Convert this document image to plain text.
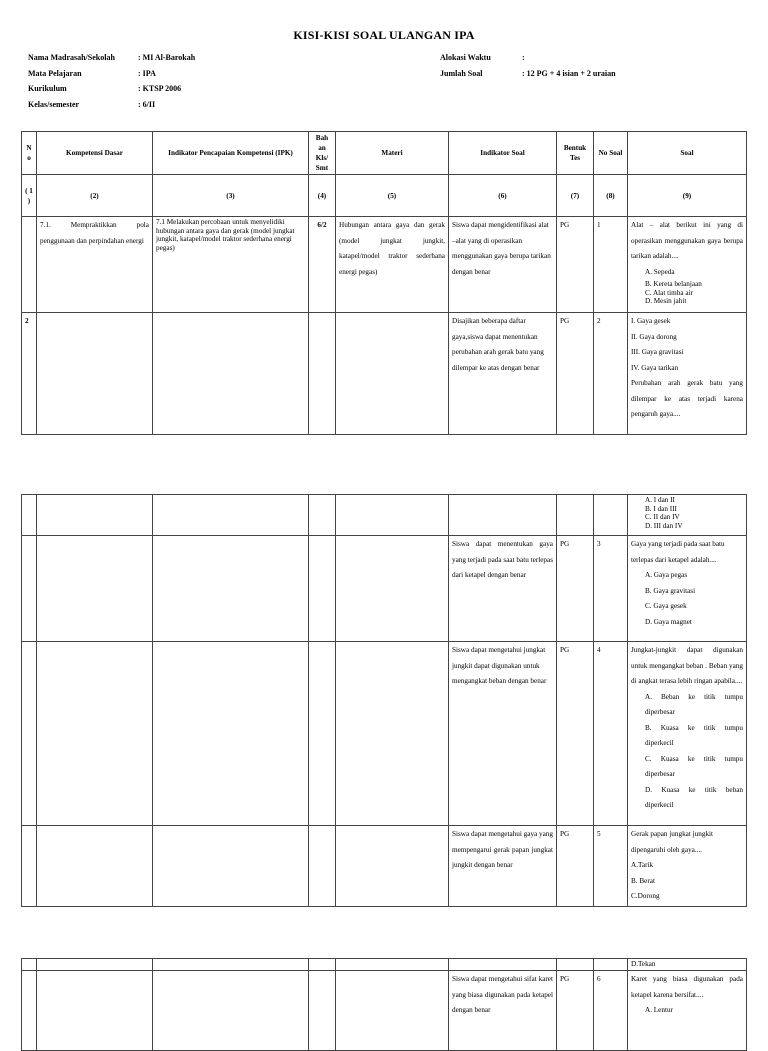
KISI-KISI SOAL ULANGAN IPA
Nama Madrasah/Sekolah	: MI Al-Barokah
Mata Pelajaran	: IPA
Kurikulum	: KTSP 2006
Kelas/semester	: 6/II
Alokasi Waktu	:
Jumlah Soal	: 12 PG + 4 isian + 2 uraian
N o	Kompetensi Dasar	Indikator Pencapaian Kompetensi (IPK)	Bah an Kls/ Smt	Materi	Indikator Soal	Bentuk Tes	No Soal	Soal
( 1 )	(2)	(3)	(4)	(5)	(6)	(7)	(8)	(9)
	7.1. Mempraktikkan pola penggunaan dan perpindahan energi	7.1 Melakukan percobaan untuk menyelidiki hubungan antara gaya dan gerak (model jungkat jungkit, katapel/model traktor sederhana energi pegas)	6/2	Hubungan antara gaya dan gerak (model jungkat jungkit, katapel/model traktor sederhana energi pegas)	Siswa dapat mengidentifikasi alat –alat yang di operasikan menggunakan gaya berupa tarikan dengan benar	PG	1	Alat – alat berikut ini yang di operasikan menggunakan gaya berupa tarikan adalah....
A. Sepeda
B. Kereta belanjaan
C. Alat timba air
D. Mesin jahit

2					Disajikan beberapa daftar gaya,siswa dapat menentukan perubahan arah gerak batu yang dilempar ke atas dengan benar	PG	2	I. Gaya gesek
II. Gaya dorong
III. Gaya gravitasi
IV. Gaya tarikan
Perubahan arah gerak batu yang dilempar ke atas terjadi karena pengaruh gaya....

								A. I dan II
B. I dan III
C. II dan IV
D. III dan IV

					Siswa dapat menentukan gaya yang terjadi pada saat batu terlepas dari ketapel dengan benar	PG	3	Gaya yang terjadi pada saat batu terlepas dari ketapel adalah....
A. Gaya pegas
B. Gaya gravitasi
C. Gaya gesek
D. Gaya magnet

					Siswa dapat mengetahui jungkat jungkit dapat digunakan untuk mengangkat beban dengan benar	PG	4	Jungkat-jungkit dapat digunakan untuk mengangkat beban . Beban yang di angkat terasa lebih ringan apabila....
A. Beban ke titik tumpu diperbesar
B. Kuasa ke titik tumpu diperkecil
C. Kuasa ke titik tumpu diperbesar
D. Kuasa ke titik beban diperkecil

					Siswa dapat mengetahui gaya yang mempengarui gerak papan jungkat jungkit dengan benar	PG	5	Gerak papan jungkat jungkit dipengaruhi oleh gaya....
A.Tarik
B. Berat
C.Dorong
								D.Tekan
					Siswa dapat mengetahui sifat karet yang biasa digunakan pada ketapel dengan benar	PG	6	Karet yang biasa digunakan pada ketapel karena bersifat....
A. Lentur
